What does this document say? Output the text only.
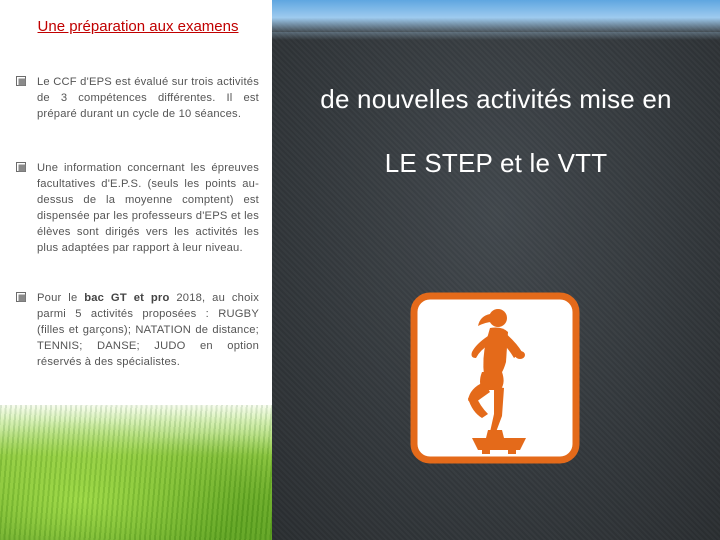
Une préparation aux examens
Le CCF d'EPS est évalué sur trois activités de 3 compétences différentes. Il est préparé durant un cycle de 10 séances.
Une information concernant les épreuves facultatives d'E.P.S. (seuls les points au-dessus de la moyenne comptent) est dispensée par les professeurs d'EPS et les élèves sont dirigés vers les activités les plus adaptées par rapport à leur niveau.
Pour le bac GT et pro 2018, au choix parmi 5 activités proposées : RUGBY (filles et garçons); NATATION de distance; TENNIS; DANSE; JUDO en option réservés à des spécialistes.
de nouvelles activités mise en
LE STEP et le VTT
